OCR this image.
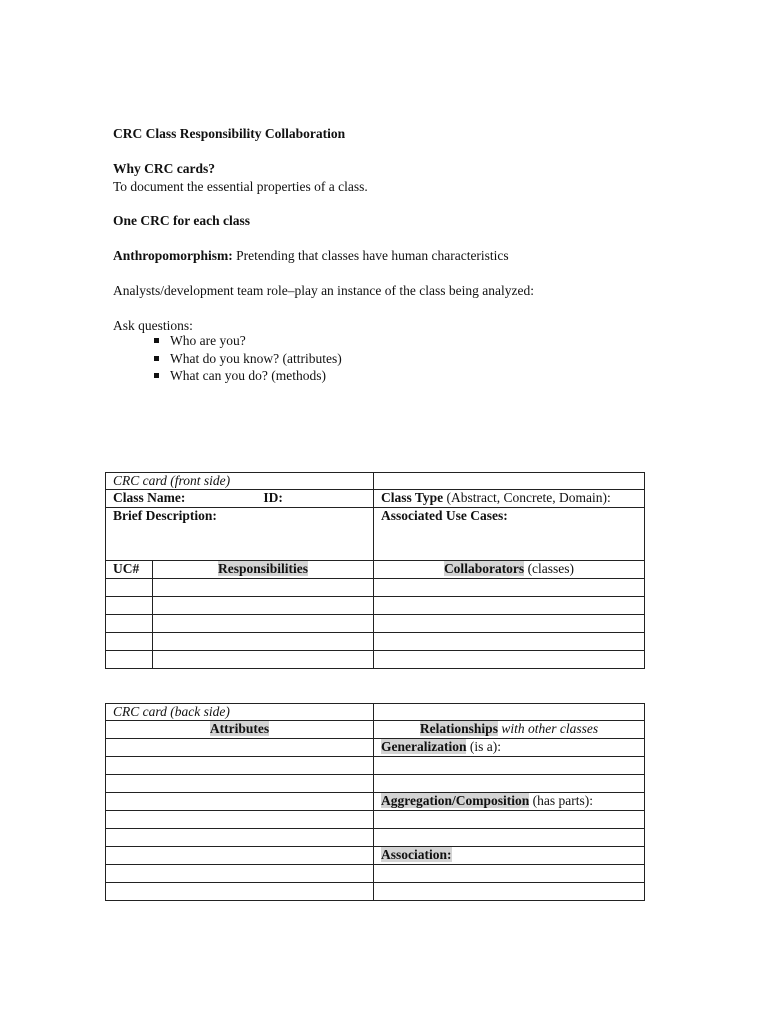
CRC Class Responsibility Collaboration
Why CRC cards?
To document the essential properties of a class.
One CRC for each class
Anthropomorphism: Pretending that classes have human characteristics
Analysts/development team role–play an instance of the class being analyzed:
Ask questions:
Who are you?
What do you know? (attributes)
What can you do? (methods)
CRC card (front side)		
Class Name: ID:		Class Type (Abstract, Concrete, Domain):
Brief Description:		Associated Use Cases:
UC#	Responsibilities	Collaborators (classes)

CRC card (back side)	
Attributes	Relationships with other classes
	Generalization (is a):

	Aggregation/Composition (has parts):

	Association:
